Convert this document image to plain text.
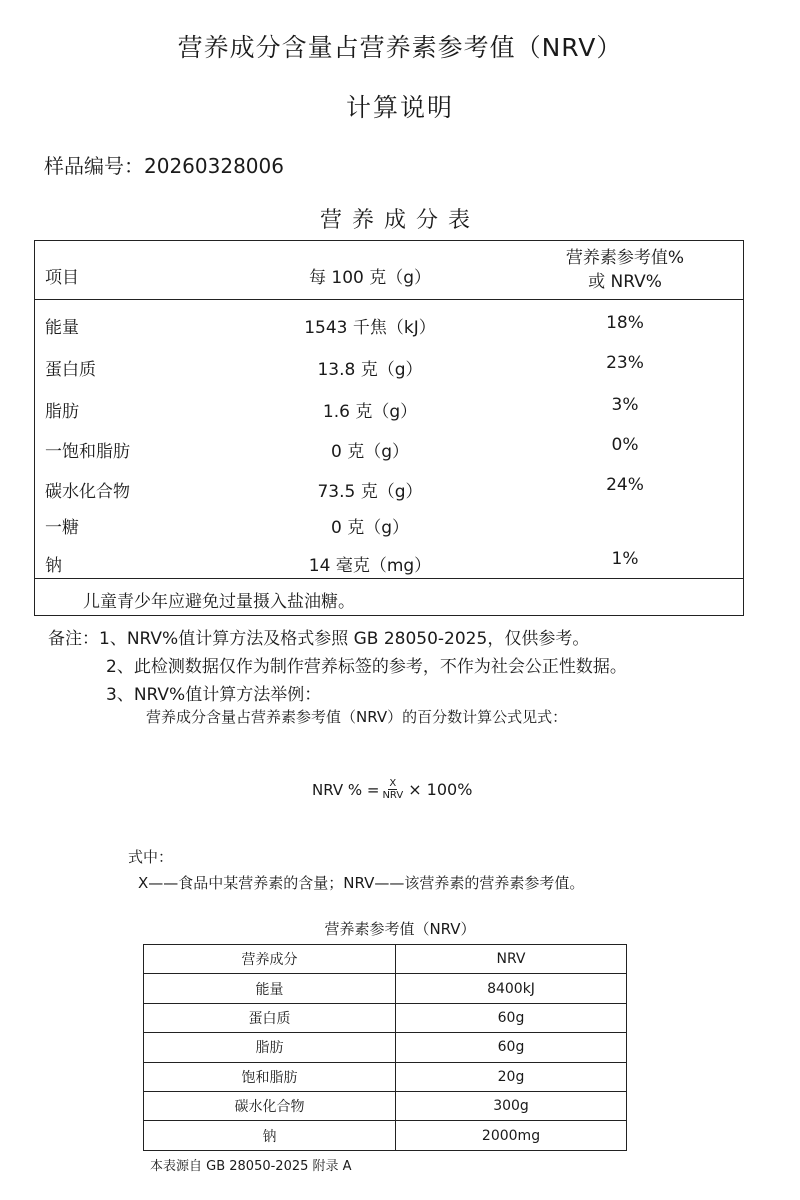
营养成分含量占营养素参考值（NRV）
计算说明
样品编号：20260328006
营养成分表
项目	每 100 克（g）
营养素参考值%
或 NRV%
能量	1543 千焦（kJ）	18%
蛋白质	13.8 克（g）	23%
脂肪	1.6 克（g）	3%
一饱和脂肪	0 克（g）	0%
碳水化合物	73.5 克（g）	24%
一糖	0 克（g）
钠	14 毫克（mg）	1%
儿童青少年应避免过量摄入盐油糖。
备注：1、NRV%值计算方法及格式参照 GB 28050-2025，仅供参考。
2、此检测数据仅作为制作营养标签的参考，不作为社会公正性数据。
3、NRV%值计算方法举例：
营养成分含量占营养素参考值（NRV）的百分数计算公式见式：
NRV % = $\frac{X}{\text{NRV}} \times 100\%$
式中：
X——食品中某营养素的含量；NRV——该营养素的营养素参考值。
营养素参考值（NRV）
营养成分	NRV
能量	8400kJ
蛋白质	60g
脂肪	60g
饱和脂肪	20g
碳水化合物	300g
钠	2000mg
本表源自 GB 28050-2025 附录 A
